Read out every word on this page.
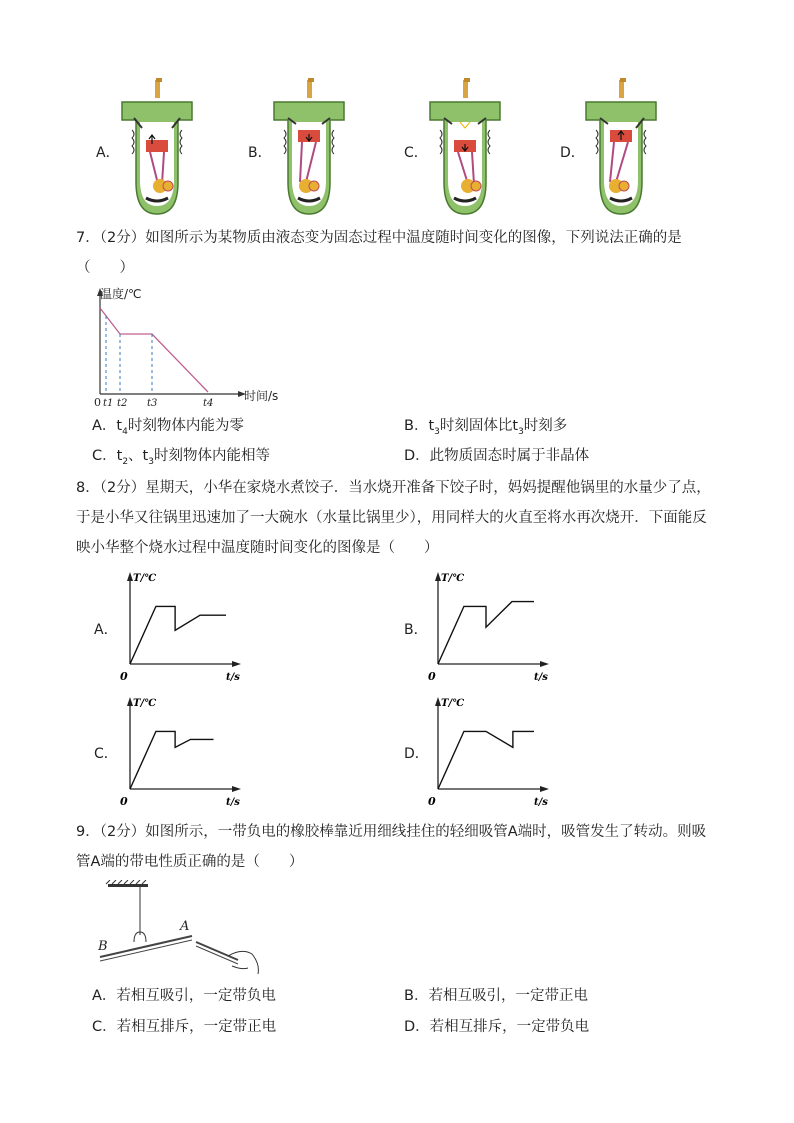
A．	B．	C．	D．
7．（2分）如图所示为某物质由液态变为固态过程中温度随时间变化的图像，下列说法正确的是
（　　）
温度/℃
时间/s
0 t1 t2 t3	t4
A．$t_4$时刻物体内能为零	B．$t_3$时刻固体比$t_3$时刻多
C．$t_2$、$t_3$时刻物体内能相等	D．此物质固态时属于非晶体
8．（2分）星期天，小华在家烧水煮饺子．当水烧开准备下饺子时，妈妈提醒他锅里的水量少了点，
于是小华又往锅里迅速加了一大碗水（水量比锅里少），用同样大的火直至将水再次烧开．下面能反
映小华整个烧水过程中温度随时间变化的图像是（　　）
A．	B．
C．	D．
T/℃
t/s
0
T/℃
t/s
0
T/℃
t/s
0
T/℃
t/s
0
9．（2分）如图所示，一带负电的橡胶棒靠近用细线挂住的轻细吸管A端时，吸管发生了转动。则吸
管A端的带电性质正确的是（　　）
B
A
A．若相互吸引，一定带负电	B．若相互吸引，一定带正电
C．若相互排斥，一定带正电	D．若相互排斥，一定带负电
